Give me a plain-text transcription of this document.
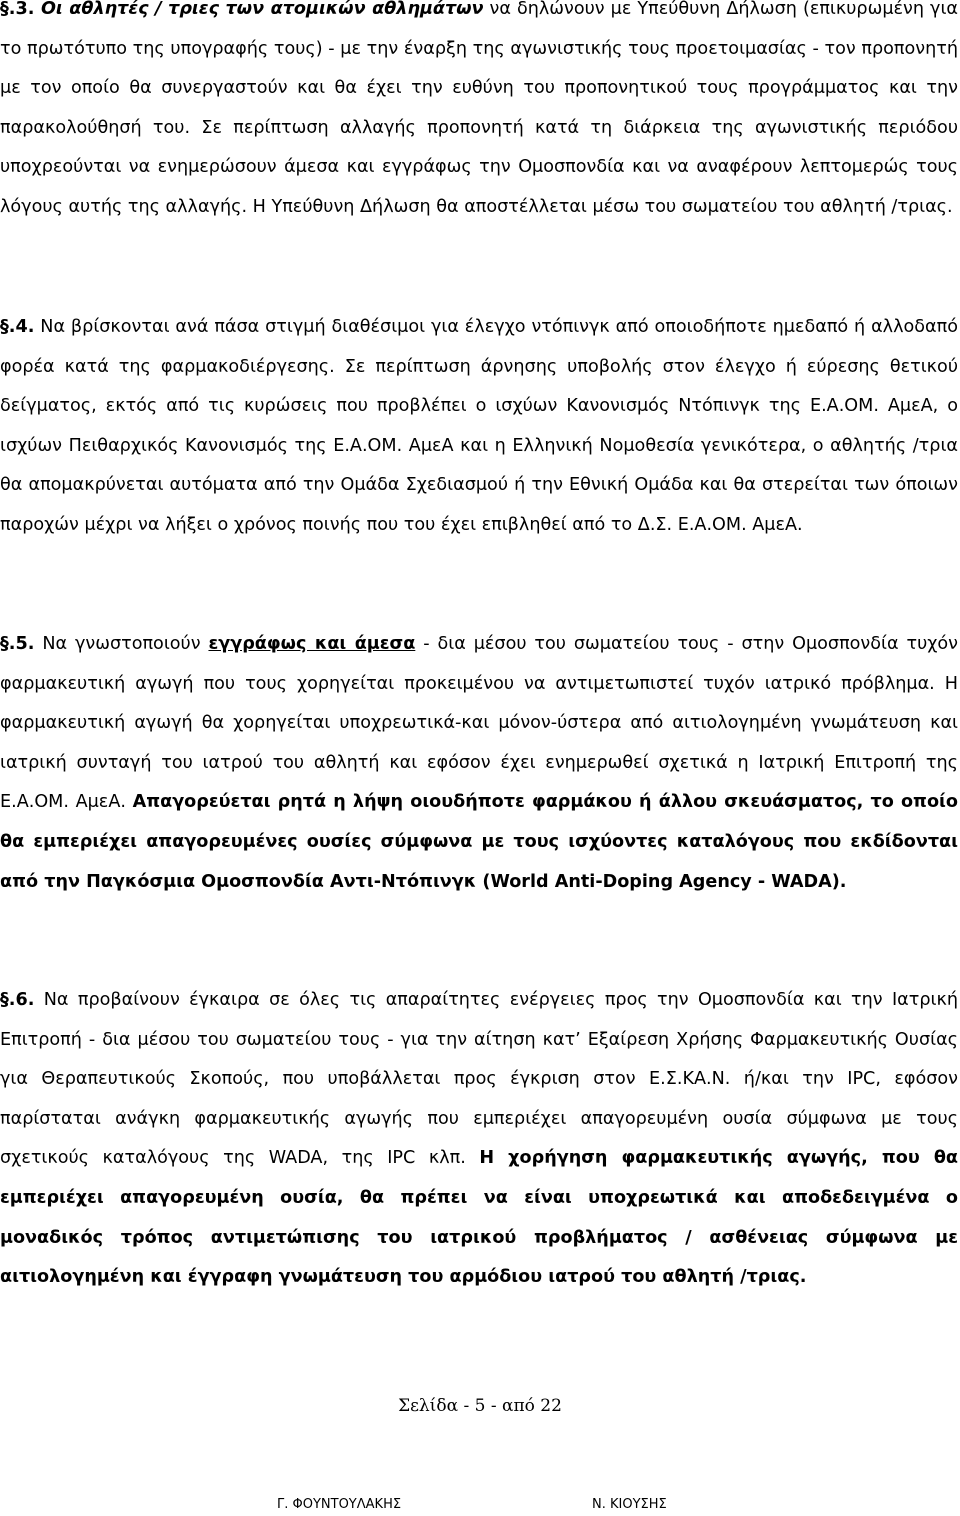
§.3. Οι αθλητές / τριες των ατομικών αθλημάτων να δηλώνουν με Υπεύθυνη Δήλωση (επικυρωμένη για το πρωτότυπο της υπογραφής τους) - με την έναρξη της αγωνιστικής τους προετοιμασίας - τον προπονητή με τον οποίο θα συνεργαστούν και θα έχει την ευθύνη του προπονητικού τους προγράμματος και την παρακολούθησή του. Σε περίπτωση αλλαγής προπονητή κατά τη διάρκεια της αγωνιστικής περιόδου υποχρεούνται να ενημερώσουν άμεσα και εγγράφως την Ομοσπονδία και να αναφέρουν λεπτομερώς τους λόγους αυτής της αλλαγής. Η Υπεύθυνη Δήλωση θα αποστέλλεται μέσω του σωματείου του αθλητή /τριας.

§.4. Να βρίσκονται ανά πάσα στιγμή διαθέσιμοι για έλεγχο ντόπινγκ από οποιοδήποτε ημεδαπό ή αλλοδαπό φορέα κατά της φαρμακοδιέργεσης. Σε περίπτωση άρνησης υποβολής στον έλεγχο ή εύρεσης θετικού δείγματος, εκτός από τις κυρώσεις που προβλέπει ο ισχύων Κανονισμός Ντόπινγκ της Ε.Α.ΟΜ. ΑμεΑ, ο ισχύων Πειθαρχικός Κανονισμός της Ε.Α.ΟΜ. ΑμεΑ και η Ελληνική Νομοθεσία γενικότερα, ο αθλητής /τρια θα απομακρύνεται αυτόματα από την Ομάδα Σχεδιασμού ή την Εθνική Ομάδα και θα στερείται των όποιων παροχών μέχρι να λήξει ο χρόνος ποινής που του έχει επιβληθεί από το Δ.Σ. Ε.Α.ΟΜ. ΑμεΑ.

§.5. Να γνωστοποιούν εγγράφως και άμεσα - δια μέσου του σωματείου τους - στην Ομοσπονδία τυχόν φαρμακευτική αγωγή που τους χορηγείται προκειμένου να αντιμετωπιστεί τυχόν ιατρικό πρόβλημα. Η φαρμακευτική αγωγή θα χορηγείται υποχρεωτικά-και μόνον-ύστερα από αιτιολογημένη γνωμάτευση και ιατρική συνταγή του ιατρού του αθλητή και εφόσον έχει ενημερωθεί σχετικά η Ιατρική Επιτροπή της Ε.Α.ΟΜ. ΑμεΑ. Απαγορεύεται ρητά η λήψη οιουδήποτε φαρμάκου ή άλλου σκευάσματος, το οποίο θα εμπεριέχει απαγορευμένες ουσίες σύμφωνα με τους ισχύοντες καταλόγους που εκδίδονται από την Παγκόσμια Ομοσπονδία Αντι-Ντόπινγκ (World Anti-Doping Agency - WADA).

§.6. Να προβαίνουν έγκαιρα σε όλες τις απαραίτητες ενέργειες προς την Ομοσπονδία και την Ιατρική Επιτροπή - δια μέσου του σωματείου τους - για την αίτηση κατ’ Εξαίρεση Χρήσης Φαρμακευτικής Ουσίας για Θεραπευτικούς Σκοπούς, που υποβάλλεται προς έγκριση στον Ε.Σ.ΚΑ.Ν. ή/και την IPC, εφόσον παρίσταται ανάγκη φαρμακευτικής αγωγής που εμπεριέχει απαγορευμένη ουσία σύμφωνα με τους σχετικούς καταλόγους της WADA, της IPC κλπ. Η χορήγηση φαρμακευτικής αγωγής, που θα εμπεριέχει απαγορευμένη ουσία, θα πρέπει να είναι υποχρεωτικά και αποδεδειγμένα ο μοναδικός τρόπος αντιμετώπισης του ιατρικού προβλήματος / ασθένειας σύμφωνα με αιτιολογημένη και έγγραφη γνωμάτευση του αρμόδιου ιατρού του αθλητή /τριας.

Σελίδα - 5 - από 22
Γ. ΦΟΥΝΤΟΥΛΑΚΗΣ	Ν. ΚΙΟΥΣΗΣ
